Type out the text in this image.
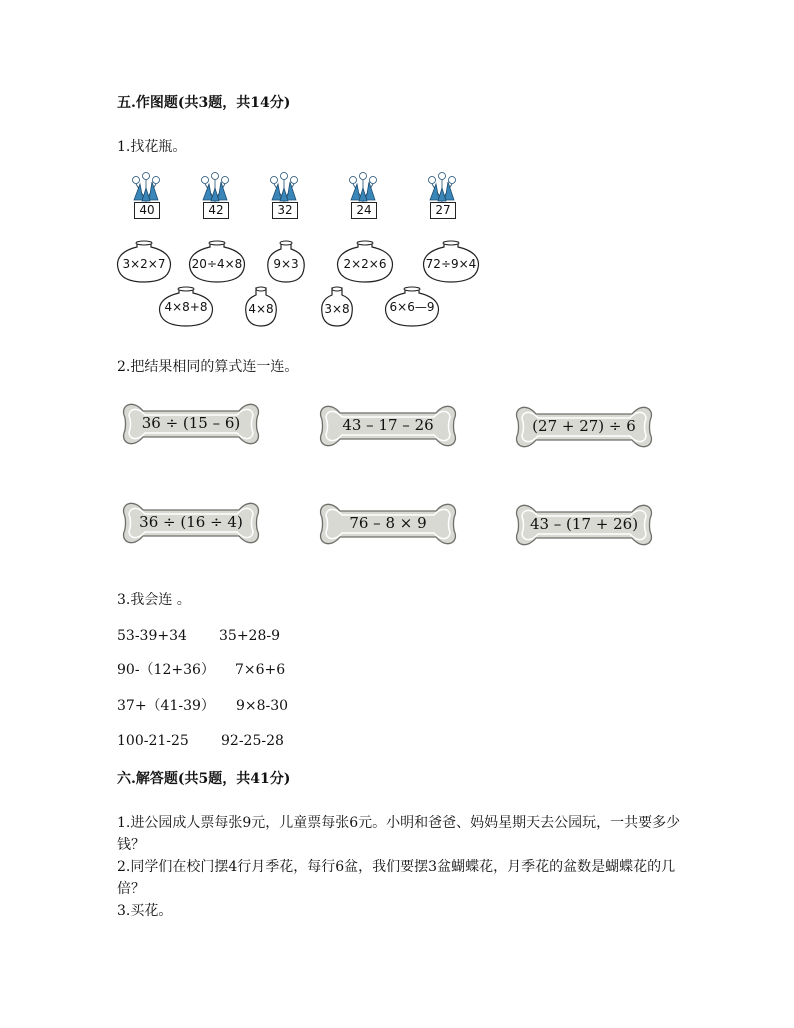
五.作图题(共3题，共14分)
1.找花瓶。
40	42	32	24	27
3×2×7	20÷4×8	9×3	2×2×6	72÷9×4
4×8+8	4×8	3×8	6×6—9
2.把结果相同的算式连一连。
36 ÷ (15 – 6)	43 – 17 – 26	(27 + 27) ÷ 6
36 ÷ (16 ÷ 4)	76 – 8 × 9	43 – (17 + 26)
3.我会连 。
53-39+34 35+28-9
90-（12+36） 7×6+6
37+（41-39） 9×8-30
100-21-25 92-25-28
六.解答题(共5题，共41分)
1.进公园成人票每张9元，儿童票每张6元。小明和爸爸、妈妈星期天去公园玩，一共要多少钱？
2.同学们在校门摆4行月季花，每行6盆，我们要摆3盆蝴蝶花，月季花的盆数是蝴蝶花的几倍？
3.买花。
